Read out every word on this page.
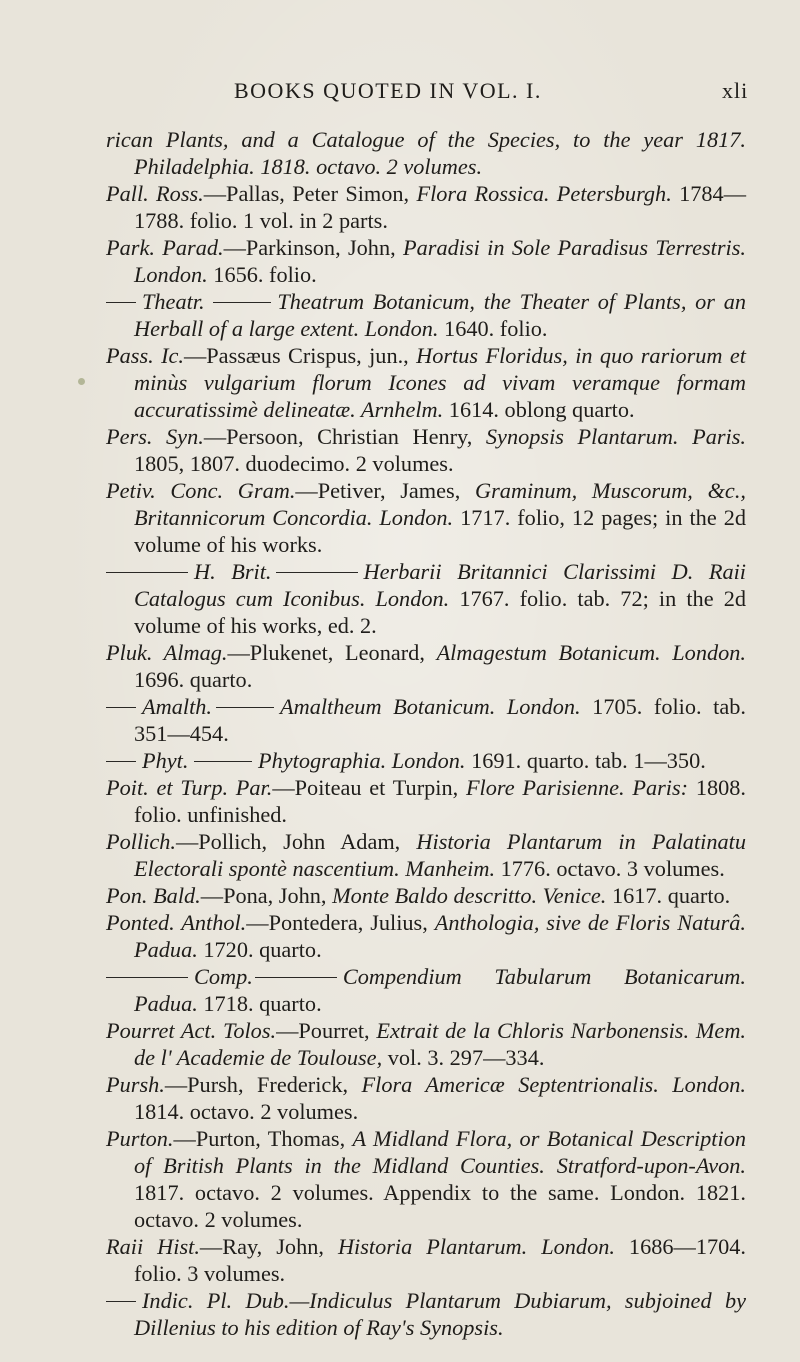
BOOKS QUOTED IN VOL. I.	xli

rican Plants, and a Catalogue of the Species, to the year 1817. Philadelphia. 1818. octavo. 2 volumes.

Pall. Ross.—Pallas, Peter Simon, Flora Rossica. Petersburgh. 1784—1788. folio. 1 vol. in 2 parts.

Park. Parad.—Parkinson, John, Paradisi in Sole Paradisus Terrestris. London. 1656. folio.

Theatr.	Theatrum Botanicum, the Theater of Plants, or an Herball of a large extent. London. 1640. folio.

Pass. Ic.—Passæus Crispus, jun., Hortus Floridus, in quo rariorum et minùs vulgarium florum Icones ad vivam veramque formam accuratissimè delineatæ. Arnhelm. 1614. oblong quarto.

Pers. Syn.—Persoon, Christian Henry, Synopsis Plantarum. Paris. 1805, 1807. duodecimo. 2 volumes.

Petiv. Conc. Gram.—Petiver, James, Graminum, Muscorum, &c., Britannicorum Concordia. London. 1717. folio, 12 pages; in the 2d volume of his works.

H. Brit.	Herbarii Britannici Clarissimi D. Raii Catalogus cum Iconibus. London. 1767. folio. tab. 72; in the 2d volume of his works, ed. 2.

Pluk. Almag.—Plukenet, Leonard, Almagestum Botanicum. London. 1696. quarto.

Amalth.	Amaltheum Botanicum. London. 1705. folio. tab. 351—454.

Phyt.	Phytographia. London. 1691. quarto. tab. 1—350.

Poit. et Turp. Par.—Poiteau et Turpin, Flore Parisienne. Paris: 1808. folio. unfinished.

Pollich.—Pollich, John Adam, Historia Plantarum in Palatinatu Electorali spontè nascentium. Manheim. 1776. octavo. 3 volumes.

Pon. Bald.—Pona, John, Monte Baldo descritto. Venice. 1617. quarto.

Ponted. Anthol.—Pontedera, Julius, Anthologia, sive de Floris Naturâ. Padua. 1720. quarto.

Comp.	Compendium Tabularum Botanicarum. Padua. 1718. quarto.

Pourret Act. Tolos.—Pourret, Extrait de la Chloris Narbonensis. Mem. de l' Academie de Toulouse, vol. 3. 297—334.

Pursh.—Pursh, Frederick, Flora Americæ Septentrionalis. London. 1814. octavo. 2 volumes.

Purton.—Purton, Thomas, A Midland Flora, or Botanical Description of British Plants in the Midland Counties. Stratford-upon-Avon. 1817. octavo. 2 volumes. Appendix to the same. London. 1821. octavo. 2 volumes.

Raii Hist.—Ray, John, Historia Plantarum. London. 1686—1704. folio. 3 volumes.

Indic. Pl. Dub.—Indiculus Plantarum Dubiarum, subjoined by Dillenius to his edition of Ray's Synopsis.
